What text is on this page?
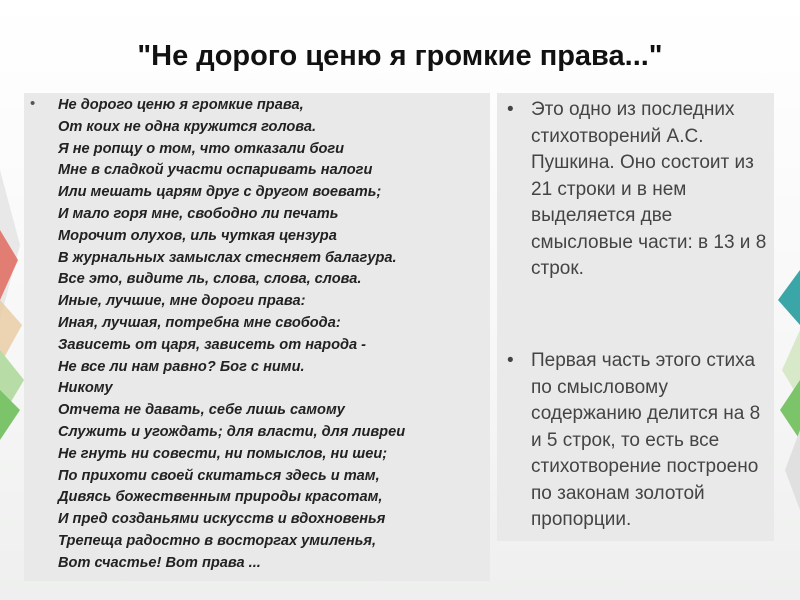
"Не дорого ценю я громкие права..."
• Не дорого ценю я громкие права,
От коих не одна кружится голова.
Я не ропщу о том, что отказали боги
Мне в сладкой участи оспаривать налоги
Или мешать царям друг с другом воевать;
И мало горя мне, свободно ли печать
Морочит олухов, иль чуткая цензура
В журнальных замыслах стесняет балагура.
Все это, видите ль, слова, слова, слова.
Иные, лучшие, мне дороги права:
Иная, лучшая, потребна мне свобода:
Зависеть от царя, зависеть от народа -
Не все ли нам равно? Бог с ними.
Никому
Отчета не давать, себе лишь самому
Служить и угождать; для власти, для ливреи
Не гнуть ни совести, ни помыслов, ни шеи;
По прихоти своей скитаться здесь и там,
Дивясь божественным природы красотам,
И пред созданьями искусств и вдохновенья
Трепеща радостно в восторгах умиленья,
Вот счастье! Вот права ...
• Это одно из последних стихотворений А.С. Пушкина. Оно состоит из 21 строки и в нем выделяется две смысловые части: в 13 и 8 строк.
• Первая часть этого стиха по смысловому содержанию делится на 8 и 5 строк, то есть все стихотворение построено по законам золотой пропорции.
